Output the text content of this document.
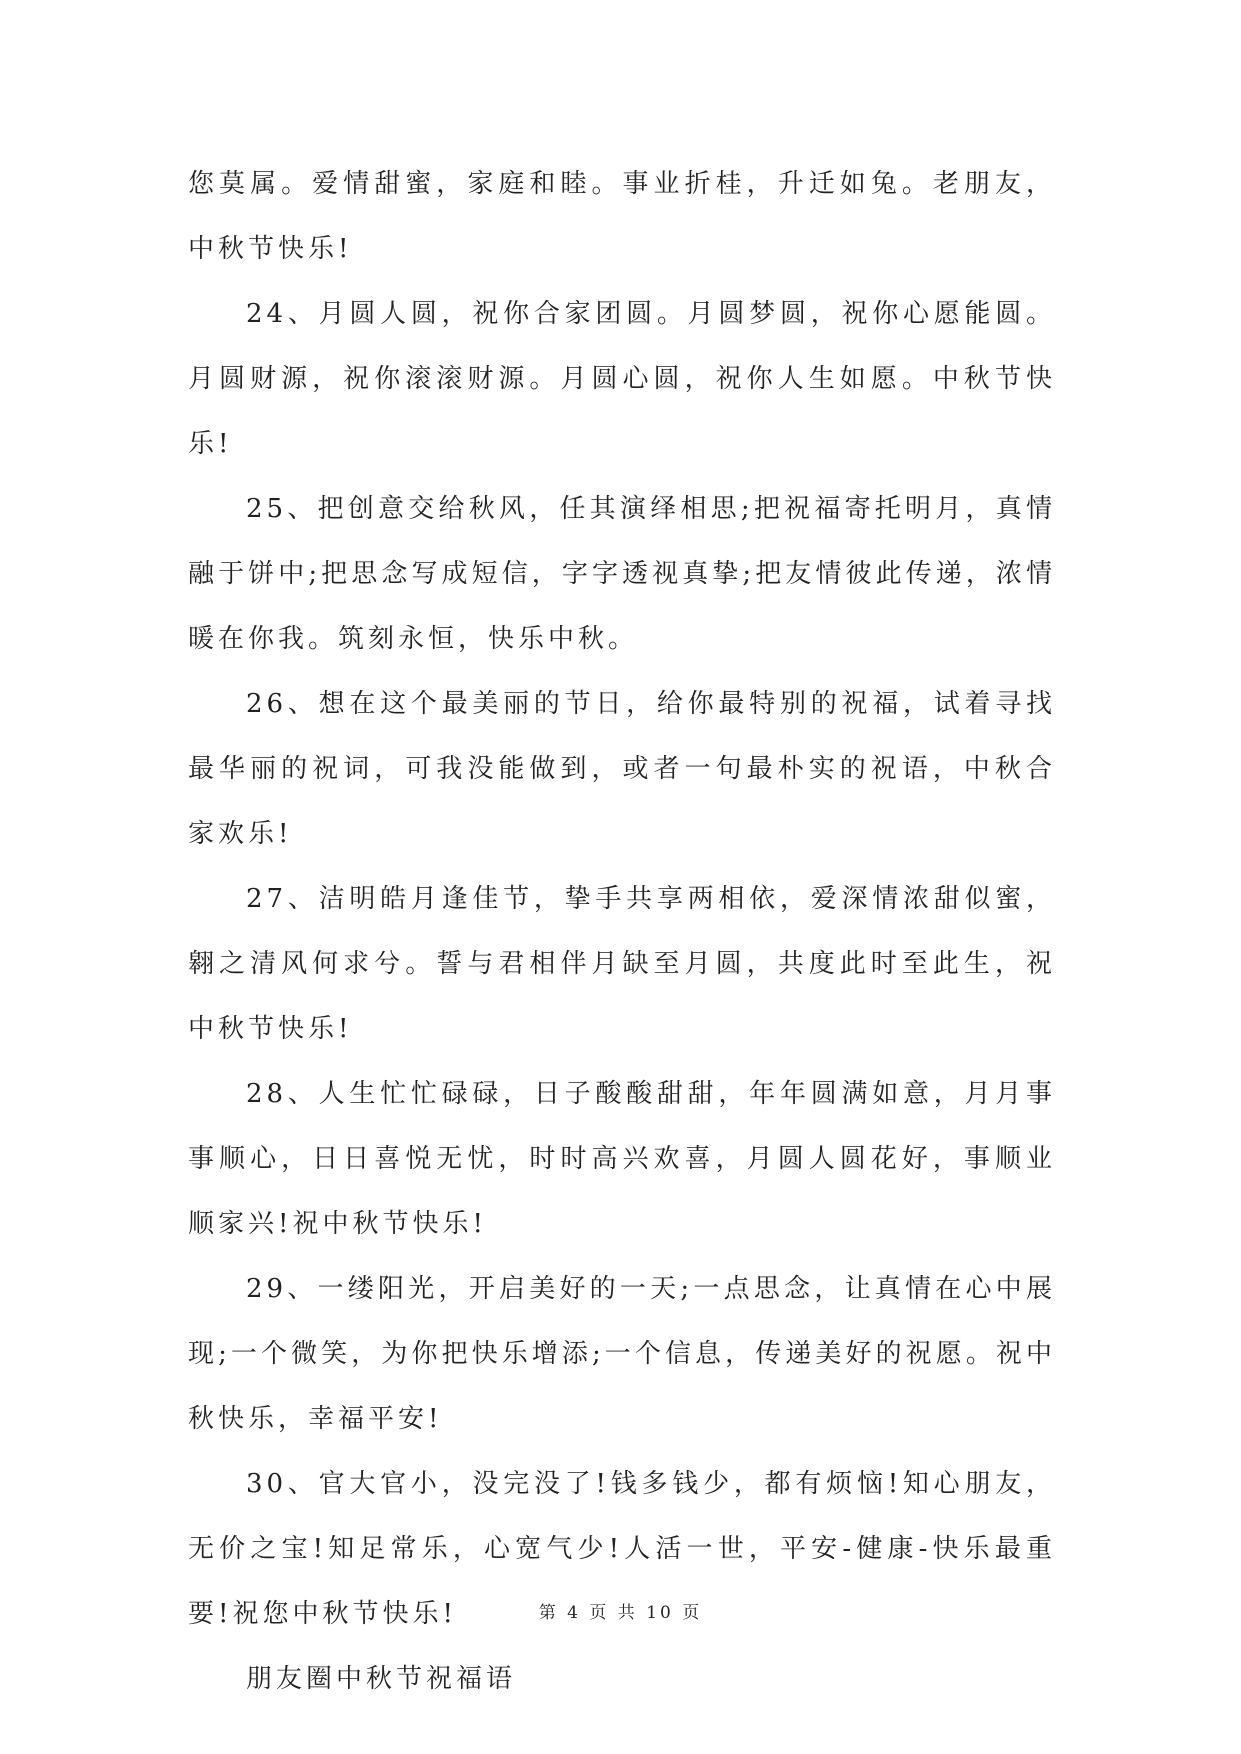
您莫属。爱情甜蜜，家庭和睦。事业折桂，升迁如兔。老朋友，中秋节快乐!

24、月圆人圆，祝你合家团圆。月圆梦圆，祝你心愿能圆。月圆财源，祝你滚滚财源。月圆心圆，祝你人生如愿。中秋节快乐!

25、把创意交给秋风，任其演绎相思;把祝福寄托明月，真情融于饼中;把思念写成短信，字字透视真挚;把友情彼此传递，浓情暖在你我。筑刻永恒，快乐中秋。

26、想在这个最美丽的节日，给你最特别的祝福，试着寻找最华丽的祝词，可我没能做到，或者一句最朴实的祝语，中秋合家欢乐!

27、洁明皓月逢佳节，挚手共享两相依，爱深情浓甜似蜜，翱之清风何求兮。誓与君相伴月缺至月圆，共度此时至此生，祝中秋节快乐!

28、人生忙忙碌碌，日子酸酸甜甜，年年圆满如意，月月事事顺心，日日喜悦无忧，时时高兴欢喜，月圆人圆花好，事顺业顺家兴!祝中秋节快乐!

29、一缕阳光，开启美好的一天;一点思念，让真情在心中展现;一个微笑，为你把快乐增添;一个信息，传递美好的祝愿。祝中秋快乐，幸福平安!

30、官大官小，没完没了!钱多钱少，都有烦恼!知心朋友，无价之宝!知足常乐，心宽气少!人活一世，平安-健康-快乐最重要!祝您中秋节快乐!

朋友圈中秋节祝福语

第 4 页 共 10 页
